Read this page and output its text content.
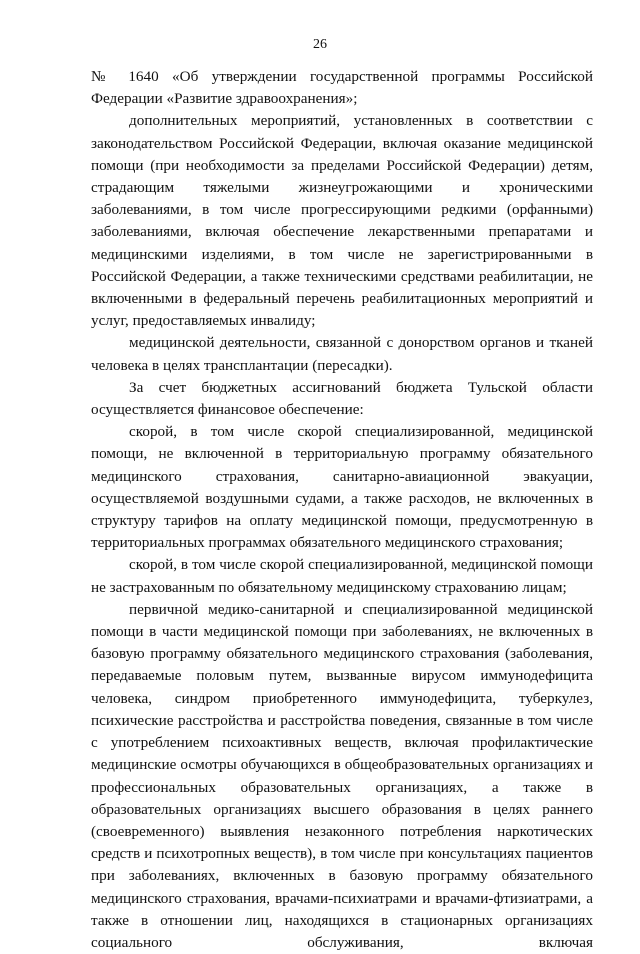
26

№ 1640 «Об утверждении государственной программы Российской Федерации «Развитие здравоохранения»;

дополнительных мероприятий, установленных в соответствии с законодательством Российской Федерации, включая оказание медицинской помощи (при необходимости за пределами Российской Федерации) детям, страдающим тяжелыми жизнеугрожающими и хроническими заболеваниями, в том числе прогрессирующими редкими (орфанными) заболеваниями, включая обеспечение лекарственными препаратами и медицинскими изделиями, в том числе не зарегистрированными в Российской Федерации, а также техническими средствами реабилитации, не включенными в федеральный перечень реабилитационных мероприятий и услуг, предоставляемых инвалиду;

медицинской деятельности, связанной с донорством органов и тканей человека в целях трансплантации (пересадки).

За счет бюджетных ассигнований бюджета Тульской области осуществляется финансовое обеспечение:

скорой, в том числе скорой специализированной, медицинской помощи, не включенной в территориальную программу обязательного медицинского страхования, санитарно-авиационной эвакуации, осуществляемой воздушными судами, а также расходов, не включенных в структуру тарифов на оплату медицинской помощи, предусмотренную в территориальных программах обязательного медицинского страхования;

скорой, в том числе скорой специализированной, медицинской помощи не застрахованным по обязательному медицинскому страхованию лицам;

первичной медико-санитарной и специализированной медицинской помощи в части медицинской помощи при заболеваниях, не включенных в базовую программу обязательного медицинского страхования (заболевания, передаваемые половым путем, вызванные вирусом иммунодефицита человека, синдром приобретенного иммунодефицита, туберкулез, психические расстройства и расстройства поведения, связанные в том числе с употреблением психоактивных веществ, включая профилактические медицинские осмотры обучающихся в общеобразовательных организациях и профессиональных образовательных организациях, а также в образовательных организациях высшего образования в целях раннего (своевременного) выявления незаконного потребления наркотических средств и психотропных веществ), в том числе при консультациях пациентов при заболеваниях, включенных в базовую программу обязательного медицинского страхования, врачами-психиатрами и врачами-фтизиатрами, а также в отношении лиц, находящихся в стационарных организациях социального обслуживания, включая
